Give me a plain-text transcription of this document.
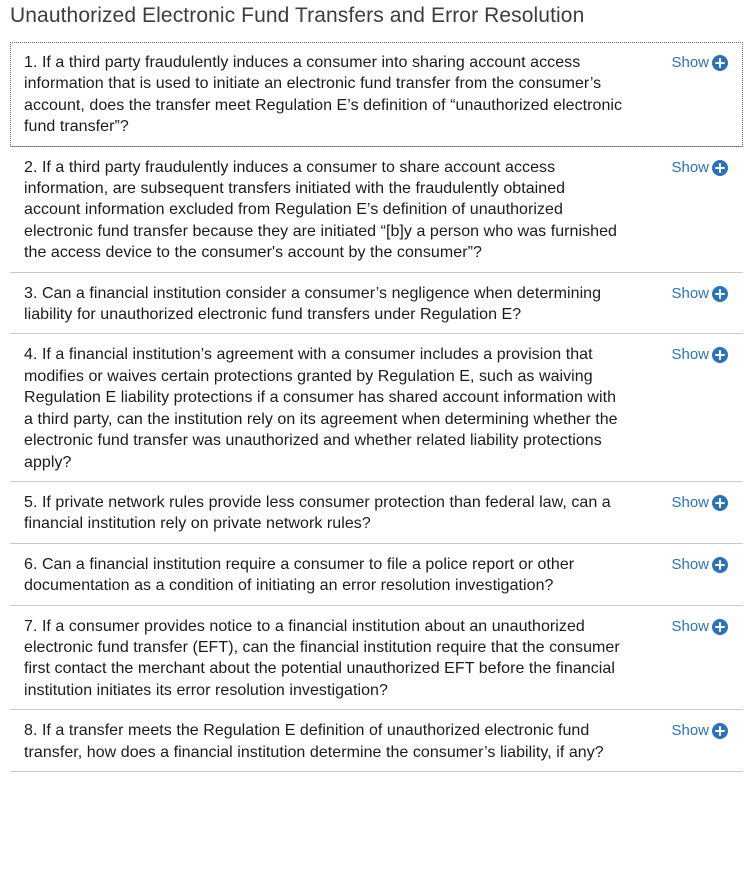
Unauthorized Electronic Fund Transfers and Error Resolution

1. If a third party fraudulently induces a consumer into sharing account access information that is used to initiate an electronic fund transfer from the consumer’s account, does the transfer meet Regulation E’s definition of “unauthorized electronic fund transfer”?

Show

2. If a third party fraudulently induces a consumer to share account access information, are subsequent transfers initiated with the fraudulently obtained account information excluded from Regulation E’s definition of unauthorized electronic fund transfer because they are initiated “[b]y a person who was furnished the access device to the consumer's account by the consumer”?

Show

3. Can a financial institution consider a consumer’s negligence when determining liability for unauthorized electronic fund transfers under Regulation E?

Show

4. If a financial institution’s agreement with a consumer includes a provision that modifies or waives certain protections granted by Regulation E, such as waiving Regulation E liability protections if a consumer has shared account information with a third party, can the institution rely on its agreement when determining whether the electronic fund transfer was unauthorized and whether related liability protections apply?

Show

5. If private network rules provide less consumer protection than federal law, can a financial institution rely on private network rules?

Show

6. Can a financial institution require a consumer to file a police report or other documentation as a condition of initiating an error resolution investigation?

Show

7. If a consumer provides notice to a financial institution about an unauthorized electronic fund transfer (EFT), can the financial institution require that the consumer first contact the merchant about the potential unauthorized EFT before the financial institution initiates its error resolution investigation?

Show

8. If a transfer meets the Regulation E definition of unauthorized electronic fund transfer, how does a financial institution determine the consumer’s liability, if any?

Show
